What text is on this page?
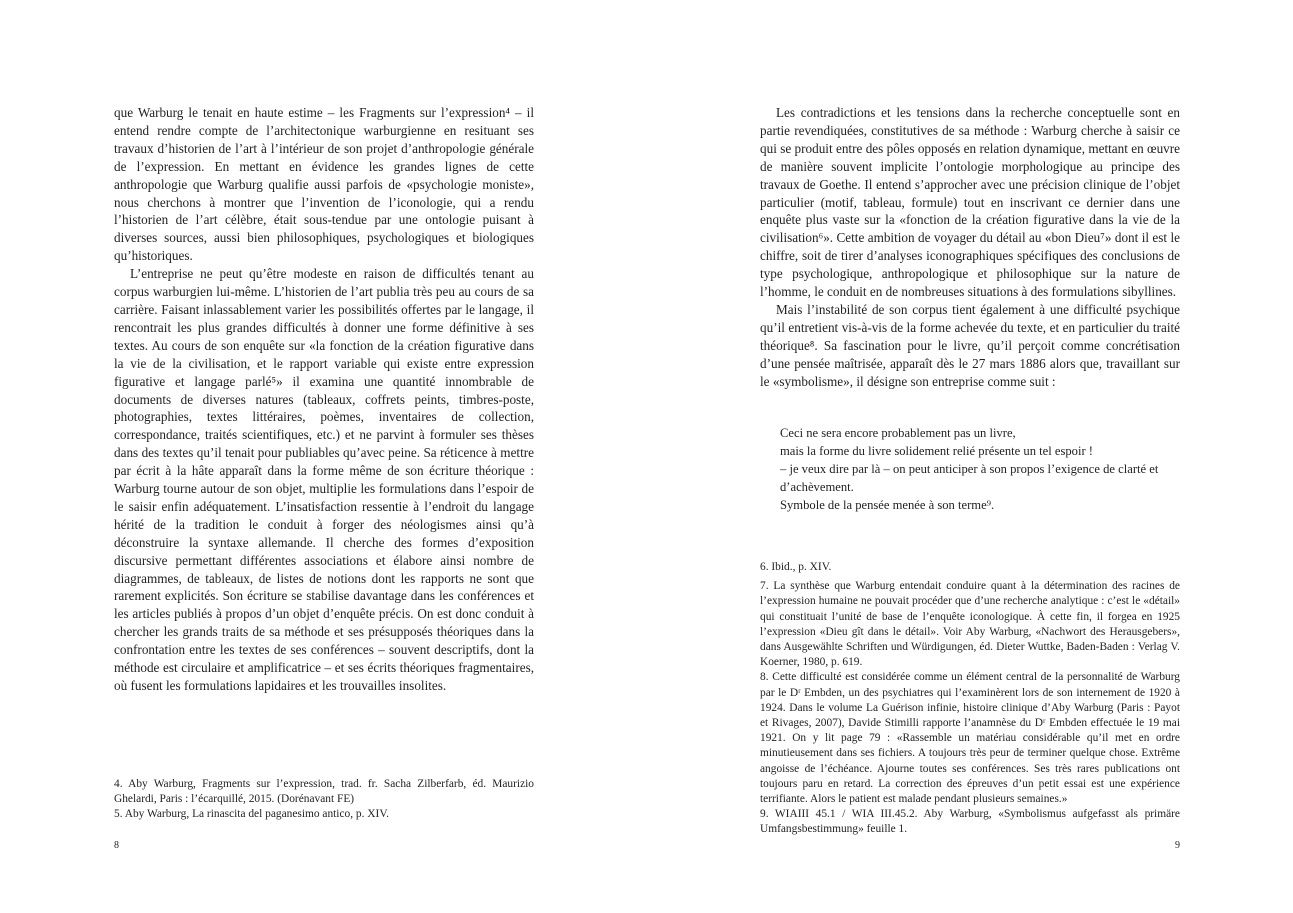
que Warburg le tenait en haute estime – les Fragments sur l’expression⁴ – il entend rendre compte de l’architectonique warburgienne en resituant ses travaux d’historien de l’art à l’intérieur de son projet d’anthropologie générale de l’expression. En mettant en évidence les grandes lignes de cette anthropologie que Warburg qualifie aussi parfois de «psychologie moniste», nous cherchons à montrer que l’invention de l’iconologie, qui a rendu l’historien de l’art célèbre, était sous-tendue par une ontologie puisant à diverses sources, aussi bien philosophiques, psychologiques et biologiques qu’historiques.

L’entreprise ne peut qu’être modeste en raison de difficultés tenant au corpus warburgien lui-même. L’historien de l’art publia très peu au cours de sa carrière. Faisant inlassablement varier les possibilités offertes par le langage, il rencontrait les plus grandes difficultés à donner une forme définitive à ses textes. Au cours de son enquête sur «la fonction de la création figurative dans la vie de la civilisation, et le rapport variable qui existe entre expression figurative et langage parlé⁵» il examina une quantité innombrable de documents de diverses natures (tableaux, coffrets peints, timbres-poste, photographies, textes littéraires, poèmes, inventaires de collection, correspondance, traités scientifiques, etc.) et ne parvint à formuler ses thèses dans des textes qu’il tenait pour publiables qu’avec peine. Sa réticence à mettre par écrit à la hâte apparaît dans la forme même de son écriture théorique : Warburg tourne autour de son objet, multiplie les formulations dans l’espoir de le saisir enfin adéquatement. L’insatisfaction ressentie à l’endroit du langage hérité de la tradition le conduit à forger des néologismes ainsi qu’à déconstruire la syntaxe allemande. Il cherche des formes d’exposition discursive permettant différentes associations et élabore ainsi nombre de diagrammes, de tableaux, de listes de notions dont les rapports ne sont que rarement explicités. Son écriture se stabilise davantage dans les conférences et les articles publiés à propos d’un objet d’enquête précis. On est donc conduit à chercher les grands traits de sa méthode et ses présupposés théoriques dans la confrontation entre les textes de ses conférences – souvent descriptifs, dont la méthode est circulaire et amplificatrice – et ses écrits théoriques fragmentaires, où fusent les formulations lapidaires et les trouvailles insolites.

4. Aby Warburg, Fragments sur l’expression, trad. fr. Sacha Zilberfarb, éd. Maurizio Ghelardi, Paris : l’écarquillé, 2015. (Dorénavant FE)

5. Aby Warburg, La rinascita del paganesimo antico, p. XIV.

8

Les contradictions et les tensions dans la recherche conceptuelle sont en partie revendiquées, constitutives de sa méthode : Warburg cherche à saisir ce qui se produit entre des pôles opposés en relation dynamique, mettant en œuvre de manière souvent implicite l’ontologie morphologique au principe des travaux de Goethe. Il entend s’approcher avec une précision clinique de l’objet particulier (motif, tableau, formule) tout en inscrivant ce dernier dans une enquête plus vaste sur la «fonction de la création figurative dans la vie de la civilisation⁶». Cette ambition de voyager du détail au «bon Dieu⁷» dont il est le chiffre, soit de tirer d’analyses iconographiques spécifiques des conclusions de type psychologique, anthropologique et philosophique sur la nature de l’homme, le conduit en de nombreuses situations à des formulations sibyllines.

Mais l’instabilité de son corpus tient également à une difficulté psychique qu’il entretient vis-à-vis de la forme achevée du texte, et en particulier du traité théorique⁸. Sa fascination pour le livre, qu’il perçoit comme concrétisation d’une pensée maîtrisée, apparaît dès le 27 mars 1886 alors que, travaillant sur le «symbolisme», il désigne son entreprise comme suit :

Ceci ne sera encore probablement pas un livre,

mais la forme du livre solidement relié présente un tel espoir !

– je veux dire par là – on peut anticiper à son propos l’exigence de clarté et d’achèvement.

Symbole de la pensée menée à son terme⁹.

6. Ibid., p. XIV.

7. La synthèse que Warburg entendait conduire quant à la détermination des racines de l’expression humaine ne pouvait procéder que d’une recherche analytique : c’est le «détail» qui constituait l’unité de base de l’enquête iconologique. À cette fin, il forgea en 1925 l’expression «Dieu gît dans le détail». Voir Aby Warburg, «Nachwort des Herausgebers», dans Ausgewählte Schriften und Würdigungen, éd. Dieter Wuttke, Baden-Baden : Verlag V. Koerner, 1980, p. 619.

8. Cette difficulté est considérée comme un élément central de la personnalité de Warburg par le Dʳ Embden, un des psychiatres qui l’examinèrent lors de son internement de 1920 à 1924. Dans le volume La Guérison infinie, histoire clinique d’Aby Warburg (Paris : Payot et Rivages, 2007), Davide Stimilli rapporte l’anamnèse du Dʳ Embden effectuée le 19 mai 1921. On y lit page 79 : «Rassemble un matériau considérable qu’il met en ordre minutieusement dans ses fichiers. A toujours très peur de terminer quelque chose. Extrême angoisse de l’échéance. Ajourne toutes ses conférences. Ses très rares publications ont toujours paru en retard. La correction des épreuves d’un petit essai est une expérience terrifiante. Alors le patient est malade pendant plusieurs semaines.»

9. WIAIII 45.1 / WIA III.45.2. Aby Warburg, «Symbolismus aufgefasst als primäre Umfangsbestimmung» feuille 1.

9
